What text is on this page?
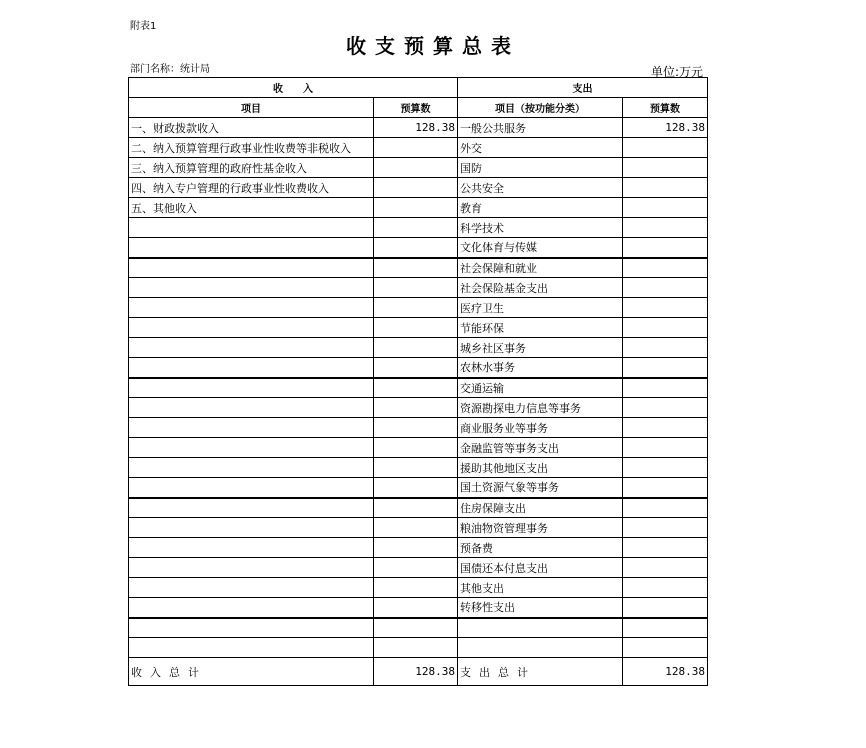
附表1
收支预算总表
部门名称：统计局	单位:万元
收　　入		支出	
项目	预算数	项目（按功能分类）	预算数
一、财政拨款收入	128.38	一般公共服务	128.38
二、纳入预算管理行政事业性收费等非税收入		外交	
三、纳入预算管理的政府性基金收入		国防	
四、纳入专户管理的行政事业性收费收入		公共安全	
五、其他收入		教育	
		科学技术	
		文化体育与传媒	
		社会保障和就业	
		社会保险基金支出	
		医疗卫生	
		节能环保	
		城乡社区事务	
		农林水事务	
		交通运输	
		资源勘探电力信息等事务	
		商业服务业等事务	
		金融监管等事务支出	
		援助其他地区支出	
		国土资源气象等事务	
		住房保障支出	
		粮油物资管理事务	
		预备费	
		国债还本付息支出	
		其他支出	
		转移性支出	

收入总计	128.38	支出总计	128.38
